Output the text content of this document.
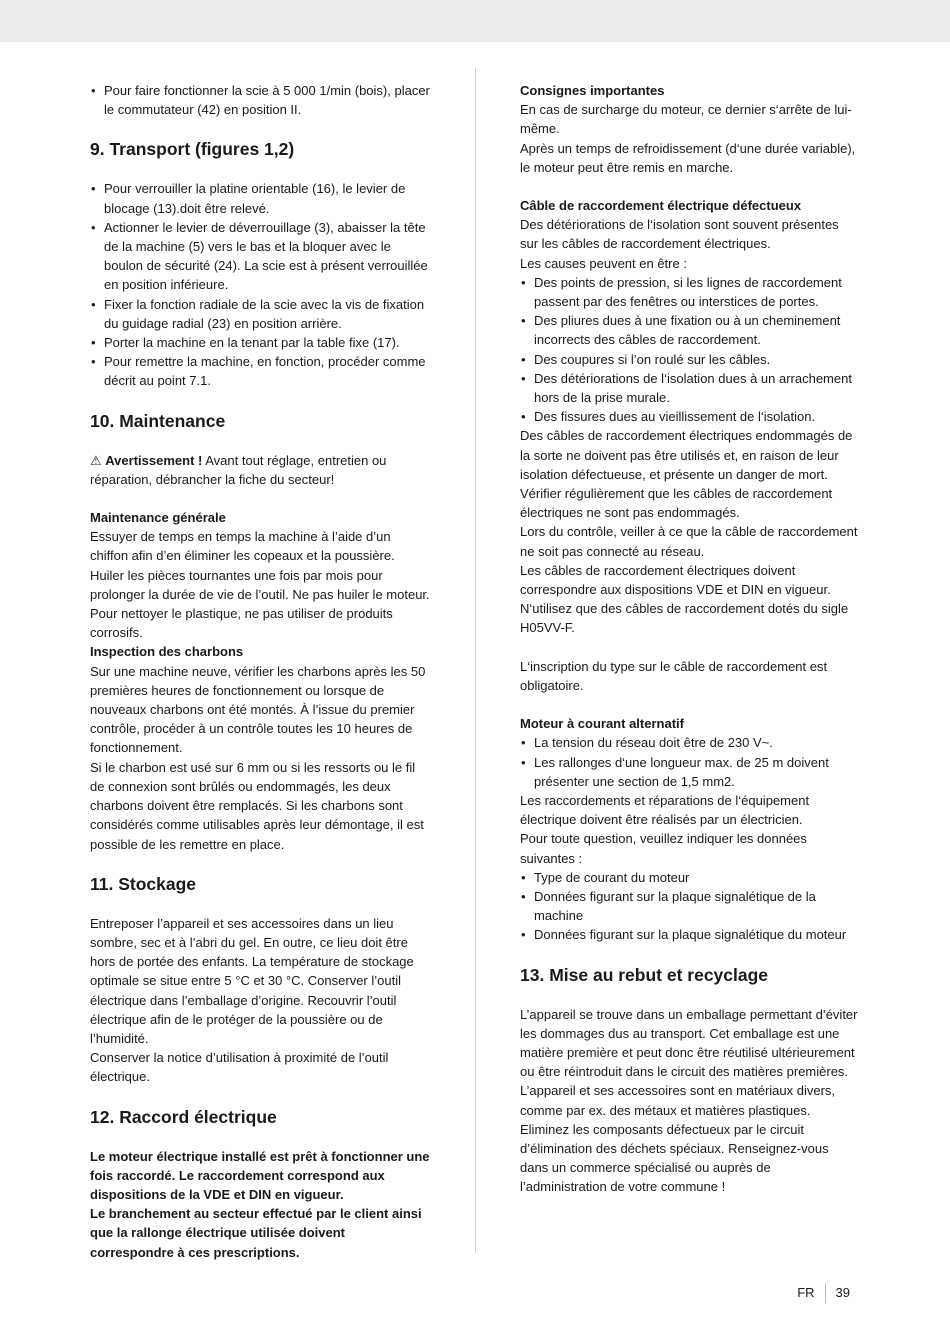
• Pour faire fonctionner la scie à 5 000 1/min (bois), placer le commutateur (42) en position II.
9. Transport (figures 1,2)
• Pour verrouiller la platine orientable (16), le levier de blocage (13).doit être relevé.
• Actionner le levier de déverrouillage (3), abaisser la tête de la machine (5) vers le bas et la bloquer avec le boulon de sécurité (24). La scie est à présent verrouillée en position inférieure.
• Fixer la fonction radiale de la scie avec la vis de fixation du guidage radial (23) en position arrière.
• Porter la machine en la tenant par la table fixe (17).
• Pour remettre la machine, en fonction, procéder comme décrit au point 7.1.
10. Maintenance

⚠ Avertissement ! Avant tout réglage, entretien ou réparation, débrancher la fiche du secteur!

Maintenance générale

Essuyer de temps en temps la machine à l’aide d’un chiffon afin d’en éliminer les copeaux et la poussière. Huiler les pièces tournantes une fois par mois pour prolonger la durée de vie de l’outil. Ne pas huiler le moteur. Pour nettoyer le plastique, ne pas utiliser de produits corrosifs.

Inspection des charbons

Sur une machine neuve, vérifier les charbons après les 50 premières heures de fonctionnement ou lorsque de nouveaux charbons ont été montés. À l’issue du premier contrôle, procéder à un contrôle toutes les 10 heures de fonctionnement.

Si le charbon est usé sur 6 mm ou si les ressorts ou le fil de connexion sont brûlés ou endommagés, les deux charbons doivent être remplacés. Si les charbons sont considérés comme utilisables après leur démontage, il est possible de les remettre en place.

11. Stockage

Entreposer l’appareil et ses accessoires dans un lieu sombre, sec et à l’abri du gel. En outre, ce lieu doit être hors de portée des enfants. La température de stockage optimale se situe entre 5 °C et 30 °C. Conserver l’outil électrique dans l’emballage d’origine. Recouvrir l’outil électrique afin de le protéger de la poussière ou de l’humidité.

Conserver la notice d’utilisation à proximité de l’outil électrique.

12. Raccord électrique

Le moteur électrique installé est prêt à fonctionner une fois raccordé. Le raccordement correspond aux dispositions de la VDE et DIN en vigueur.

Le branchement au secteur effectué par le client ainsi que la rallonge électrique utilisée doivent correspondre à ces prescriptions.

Consignes importantes

En cas de surcharge du moteur, ce dernier s‘arrête de lui-même.

Après un temps de refroidissement (d‘une durée variable), le moteur peut être remis en marche.

Câble de raccordement électrique défectueux

Des détériorations de l‘isolation sont souvent présentes sur les câbles de raccordement électriques.

Les causes peuvent en être :

• Des points de pression, si les lignes de raccordement passent par des fenêtres ou interstices de portes.
• Des pliures dues à une fixation ou à un cheminement incorrects des câbles de raccordement.
• Des coupures si l’on roulé sur les câbles.
• Des détériorations de l‘isolation dues à un arrachement hors de la prise murale.
• Des fissures dues au vieillissement de l‘isolation.

Des câbles de raccordement électriques endommagés de la sorte ne doivent pas être utilisés et, en raison de leur isolation défectueuse, et présente un danger de mort.

Vérifier régulièrement que les câbles de raccordement électriques ne sont pas endommagés.

Lors du contrôle, veiller à ce que la câble de raccordement ne soit pas connecté au réseau.

Les câbles de raccordement électriques doivent correspondre aux dispositions VDE et DIN en vigueur. N‘utilisez que des câbles de raccordement dotés du sigle H05VV-F.

L‘inscription du type sur le câble de raccordement est obligatoire.

Moteur à courant alternatif

• La tension du réseau doit être de 230 V~.
• Les rallonges d‘une longueur max. de 25 m doivent présenter une section de 1,5 mm2.

Les raccordements et réparations de l‘équipement électrique doivent être réalisés par un électricien.

Pour toute question, veuillez indiquer les données suivantes :

• Type de courant du moteur
• Données figurant sur la plaque signalétique de la machine
• Données figurant sur la plaque signalétique du moteur
13. Mise au rebut et recyclage

L’appareil se trouve dans un emballage permettant d’éviter les dommages dus au transport. Cet emballage est une matière première et peut donc être réutilisé ultérieurement ou être réintroduit dans le circuit des matières premières. L’appareil et ses accessoires sont en matériaux divers, comme par ex. des métaux et matières plastiques. Eliminez les composants défectueux par le circuit d’élimination des déchets spéciaux. Renseignez-vous dans un commerce spécialisé ou auprès de l’administration de votre commune !

FR 39
